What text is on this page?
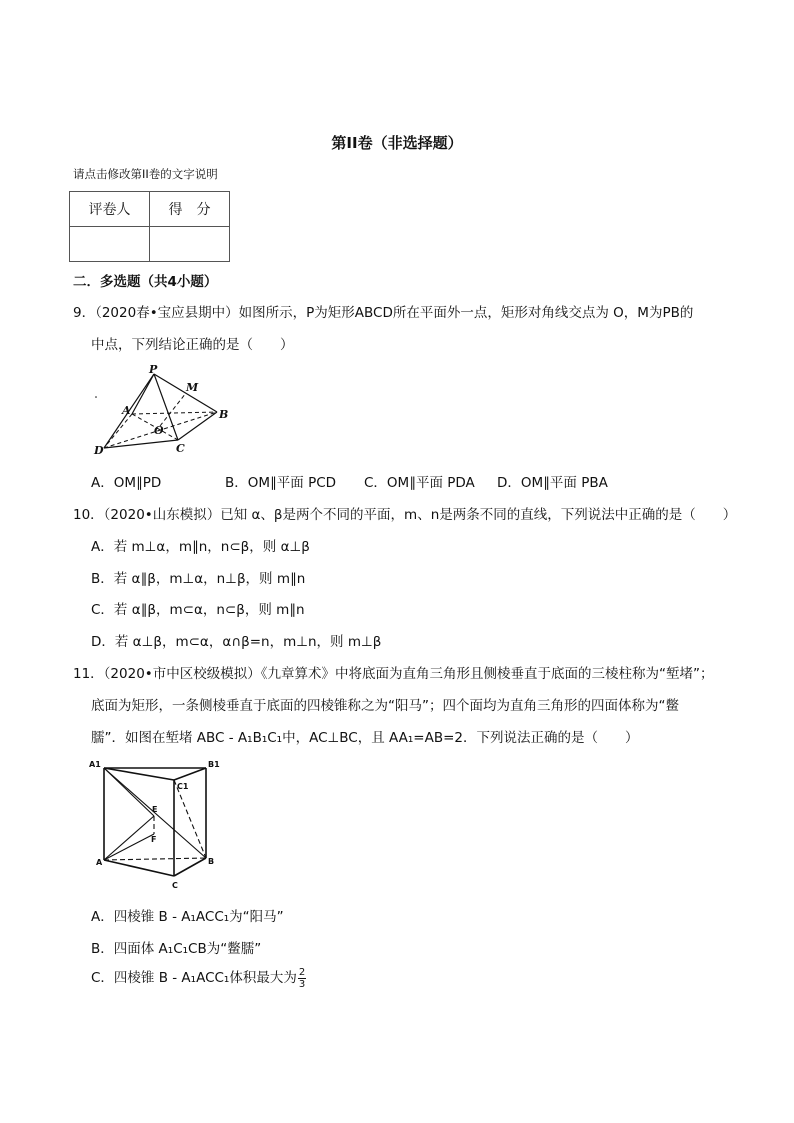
第II卷（非选择题）
请点击修改第II卷的文字说明
评卷人	得　分

二．多选题（共4小题）
9．（2020春•宝应县期中）如图所示，P为矩形ABCD所在平面外一点，矩形对角线交点为 O，M为PB的
中点，下列结论正确的是（　　）
P
M
A	B
O
D	C
A．OM∥PD	B．OM∥平面 PCD C．OM∥平面 PDA D．OM∥平面 PBA
10．（2020•山东模拟）已知 α、β是两个不同的平面，m、n是两条不同的直线，下列说法中正确的是（　　）
A．若 m⊥α，m∥n，n⊂β，则 α⊥β
B．若 α∥β，m⊥α，n⊥β，则 m∥n
C．若 α∥β，m⊂α，n⊂β，则 m∥n
D．若 α⊥β，m⊂α，α∩β=n，m⊥n，则 m⊥β
11．（2020•市中区校级模拟）《九章算术》中将底面为直角三角形且侧棱垂直于底面的三棱柱称为“堑堵”；
底面为矩形，一条侧棱垂直于底面的四棱锥称之为“阳马”；四个面均为直角三角形的四面体称为“鳖
臑”．如图在堑堵 ABC - A₁B₁C₁中，AC⊥BC，且 AA₁=AB=2．下列说法正确的是（　　）
A1	B1
C1
E
F
A	B
C
A．四棱锥 B - A₁ACC₁为“阳马”
B．四面体 A₁C₁CB为“鳖臑”
C．四棱锥 B - A₁ACC₁体积最大为 $\frac{2}{3}$
